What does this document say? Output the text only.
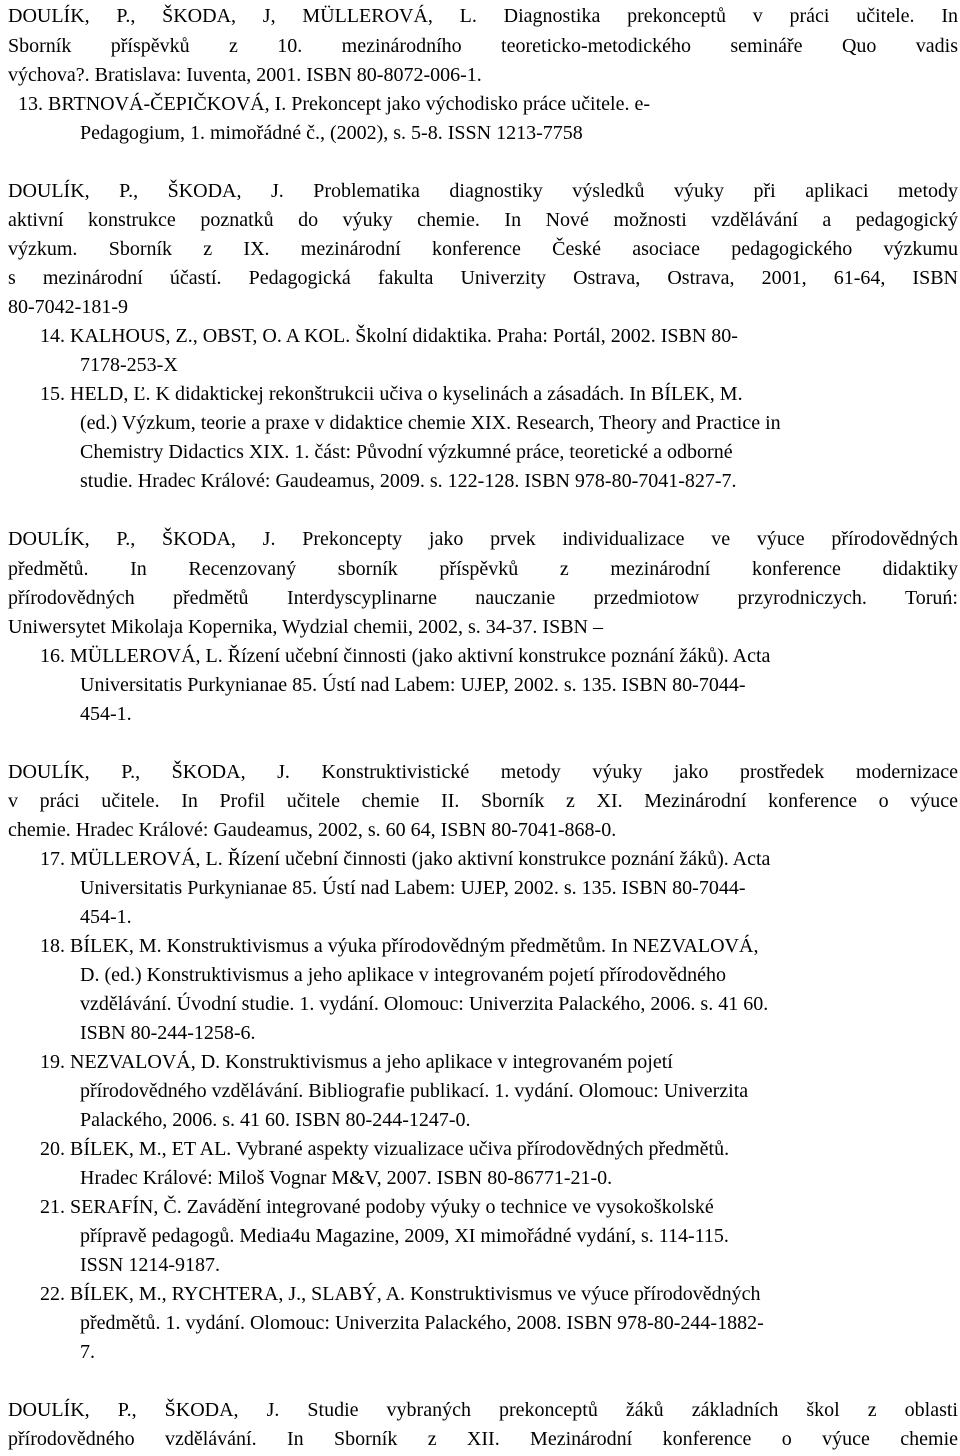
DOULÍK, P., ŠKODA, J, MÜLLEROVÁ, L. Diagnostika prekonceptů v práci učitele. In
Sborník příspěvků z 10. mezinárodního teoreticko-metodického semináře Quo vadis
výchova?. Bratislava: Iuventa, 2001. ISBN 80-8072-006-1.
13. BRTNOVÁ-ČEPIČKOVÁ, I. Prekoncept jako východisko práce učitele. e-
Pedagogium, 1. mimořádné č., (2002), s. 5-8. ISSN 1213-7758
DOULÍK, P., ŠKODA, J. Problematika diagnostiky výsledků výuky při aplikaci metody
aktivní konstrukce poznatků do výuky chemie. In Nové možnosti vzdělávání a pedagogický
výzkum. Sborník z IX. mezinárodní konference České asociace pedagogického výzkumu
s mezinárodní účastí. Pedagogická fakulta Univerzity Ostrava, Ostrava, 2001, 61-64, ISBN
80-7042-181-9
14. KALHOUS, Z., OBST, O. A KOL. Školní didaktika. Praha: Portál, 2002. ISBN 80-
7178-253-X
15. HELD, Ľ. K didaktickej rekonštrukcii učiva o kyselinách a zásadách. In BÍLEK, M.
(ed.) Výzkum, teorie a praxe v didaktice chemie XIX. Research, Theory and Practice in
Chemistry Didactics XIX. 1. část: Původní výzkumné práce, teoretické a odborné
studie. Hradec Králové: Gaudeamus, 2009. s. 122-128. ISBN 978-80-7041-827-7.
DOULÍK, P., ŠKODA, J. Prekoncepty jako prvek individualizace ve výuce přírodovědných
předmětů. In Recenzovaný sborník příspěvků z mezinárodní konference didaktiky
přírodovědných předmětů Interdyscyplinarne nauczanie przedmiotow przyrodniczych. Toruń:
Uniwersytet Mikolaja Kopernika, Wydzial chemii, 2002, s. 34-37. ISBN –
16. MÜLLEROVÁ, L. Řízení učební činnosti (jako aktivní konstrukce poznání žáků). Acta
Universitatis Purkynianae 85. Ústí nad Labem: UJEP, 2002. s. 135. ISBN 80-7044-
454-1.
DOULÍK, P., ŠKODA, J. Konstruktivistické metody výuky jako prostředek modernizace
v práci učitele. In Profil učitele chemie II. Sborník z XI. Mezinárodní konference o výuce
chemie. Hradec Králové: Gaudeamus, 2002, s. 60 64, ISBN 80-7041-868-0.
17. MÜLLEROVÁ, L. Řízení učební činnosti (jako aktivní konstrukce poznání žáků). Acta
Universitatis Purkynianae 85. Ústí nad Labem: UJEP, 2002. s. 135. ISBN 80-7044-
454-1.
18. BÍLEK, M. Konstruktivismus a výuka přírodovědným předmětům. In NEZVALOVÁ,
D. (ed.) Konstruktivismus a jeho aplikace v integrovaném pojetí přírodovědného
vzdělávání. Úvodní studie. 1. vydání. Olomouc: Univerzita Palackého, 2006. s. 41 60.
ISBN 80-244-1258-6.
19. NEZVALOVÁ, D. Konstruktivismus a jeho aplikace v integrovaném pojetí
přírodovědného vzdělávání. Bibliografie publikací. 1. vydání. Olomouc: Univerzita
Palackého, 2006. s. 41 60. ISBN 80-244-1247-0.
20. BÍLEK, M., ET AL. Vybrané aspekty vizualizace učiva přírodovědných předmětů.
Hradec Králové: Miloš Vognar M&V, 2007. ISBN 80-86771-21-0.
21. SERAFÍN, Č. Zavádění integrované podoby výuky o technice ve vysokoškolské
přípravě pedagogů. Media4u Magazine, 2009, XI mimořádné vydání, s. 114-115.
ISSN 1214-9187.
22. BÍLEK, M., RYCHTERA, J., SLABÝ, A. Konstruktivismus ve výuce přírodovědných
předmětů. 1. vydání. Olomouc: Univerzita Palackého, 2008. ISBN 978-80-244-1882-
7.
DOULÍK, P., ŠKODA, J. Studie vybraných prekonceptů žáků základních škol z oblasti
přírodovědného vzdělávání. In Sborník z XII. Mezinárodní konference o výuce chemie
